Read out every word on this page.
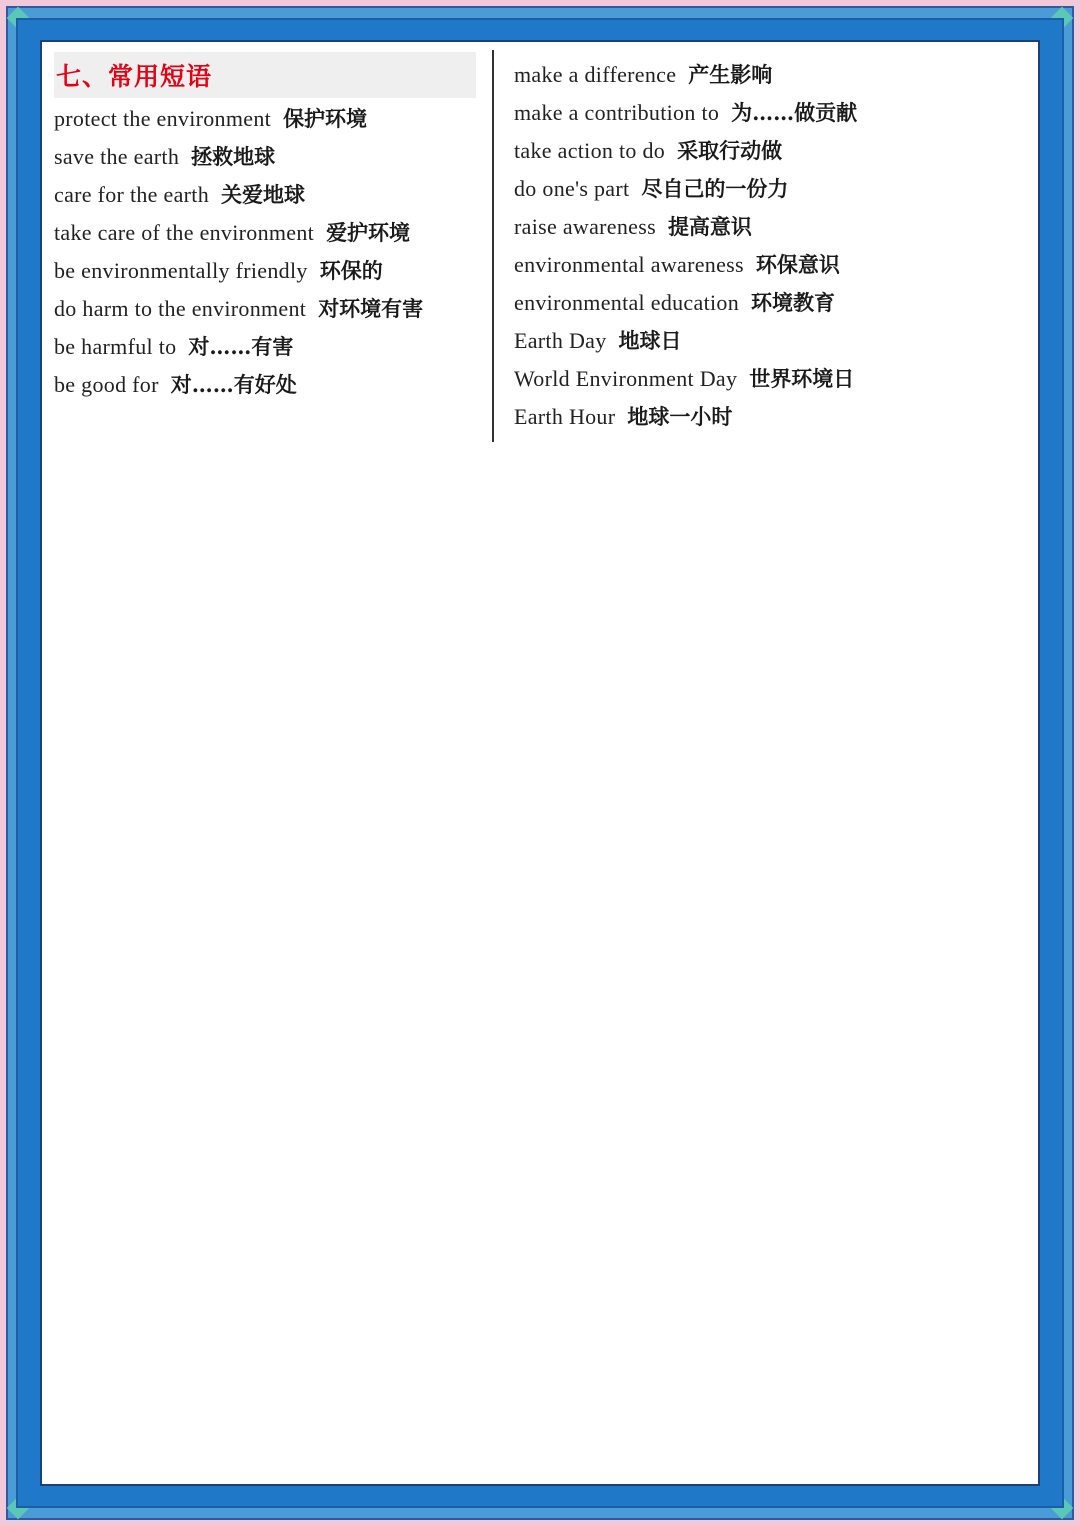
七、常用短语
protect the environment 保护环境
save the earth 拯救地球
care for the earth 关爱地球
take care of the environment 爱护环境
be environmentally friendly 环保的
do harm to the environment 对环境有害
be harmful to 对……有害
be good for 对……有好处
make a difference 产生影响
make a contribution to 为……做贡献
take action to do 采取行动做
do one's part 尽自己的一份力
raise awareness 提高意识
environmental awareness 环保意识
environmental education 环境教育
Earth Day 地球日
World Environment Day 世界环境日
Earth Hour 地球一小时
